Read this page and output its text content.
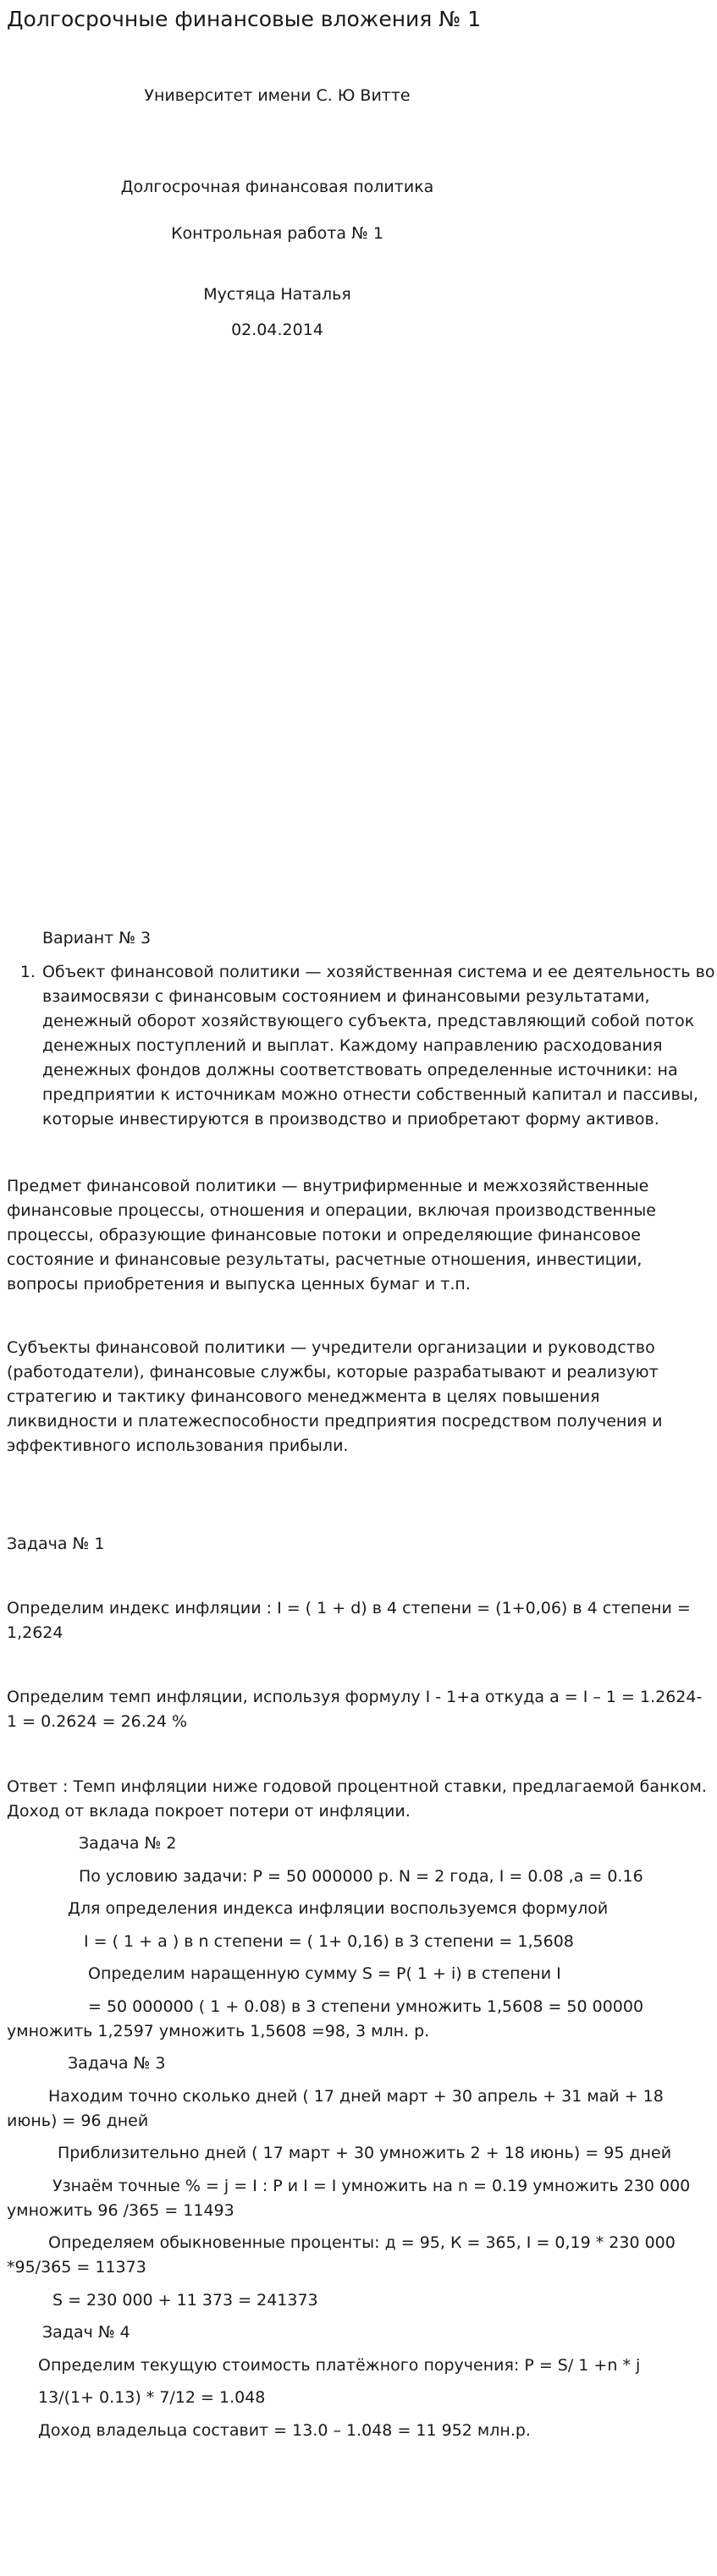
Долгосрочные финансовые вложения № 1
Университет имени С. Ю Витте
Долгосрочная финансовая политика
Контрольная работа № 1
Мустяца Наталья
02.04.2014
Вариант № 3
1. Объект финансовой политики — хозяйственная система и ее деятельность во взаимосвязи с финансовым состоянием и финансовыми результатами, денежный оборот хозяйствующего субъекта, представляющий собой поток денежных поступлений и выплат. Каждому направлению расходования денежных фондов должны соответствовать определенные источники: на предприятии к источникам можно отнести собственный капитал и пассивы, которые инвестируются в производство и приобретают форму активов.
Предмет финансовой политики — внутрифирменные и межхозяйственные финансовые процессы, отношения и операции, включая производственные процессы, образующие финансовые потоки и определяющие финансовое состояние и финансовые результаты, расчетные отношения, инвестиции, вопросы приобретения и выпуска ценных бумаг и т.п.
Субъекты финансовой политики — учредители организации и руководство (работодатели), финансовые службы, которые разрабатывают и реализуют стратегию и тактику финансового менеджмента в целях повышения ликвидности и платежеспособности предприятия посредством получения и эффективного использования прибыли.
Задача № 1
Определим индекс инфляции : I = ( 1 + d) в 4 степени = (1+0,06) в 4 степени = 1,2624
Определим темп инфляции, используя формулу I - 1+a откуда a = I – 1 = 1.2624-1 = 0.2624 = 26.24 %
Ответ : Темп инфляции ниже годовой процентной ставки, предлагаемой банком. Доход от вклада покроет потери от инфляции.
Задача № 2
По условию задачи: P = 50 000000 р. N = 2 года, I = 0.08 ,a = 0.16
Для определения индекса инфляции воспользуемся формулой
I = ( 1 + a ) в n степени = ( 1+ 0,16) в 3 степени = 1,5608
Определим наращенную сумму S = P( 1 + i) в степени I
= 50 000000 ( 1 + 0.08) в 3 степени умножить 1,5608 = 50 00000
умножить 1,2597 умножить 1,5608 =98, 3 млн. р.
Задача № 3
Находим точно сколько дней ( 17 дней март + 30 апрель + 31 май + 18
июнь) = 96 дней
Приблизительно дней ( 17 март + 30 умножить 2 + 18 июнь) = 95 дней
Узнаём точные % = j = I : P и I = I умножить на n = 0.19 умножить 230 000
умножить 96 /365 = 11493
Определяем обыкновенные проценты: д = 95, К = 365, I = 0,19 * 230 000
*95/365 = 11373
S = 230 000 + 11 373 = 241373
Задач № 4
Определим текущую стоимость платёжного поручения: P = S/ 1 +n * j
13/(1+ 0.13) * 7/12 = 1.048
Доход владельца составит = 13.0 – 1.048 = 11 952 млн.р.
